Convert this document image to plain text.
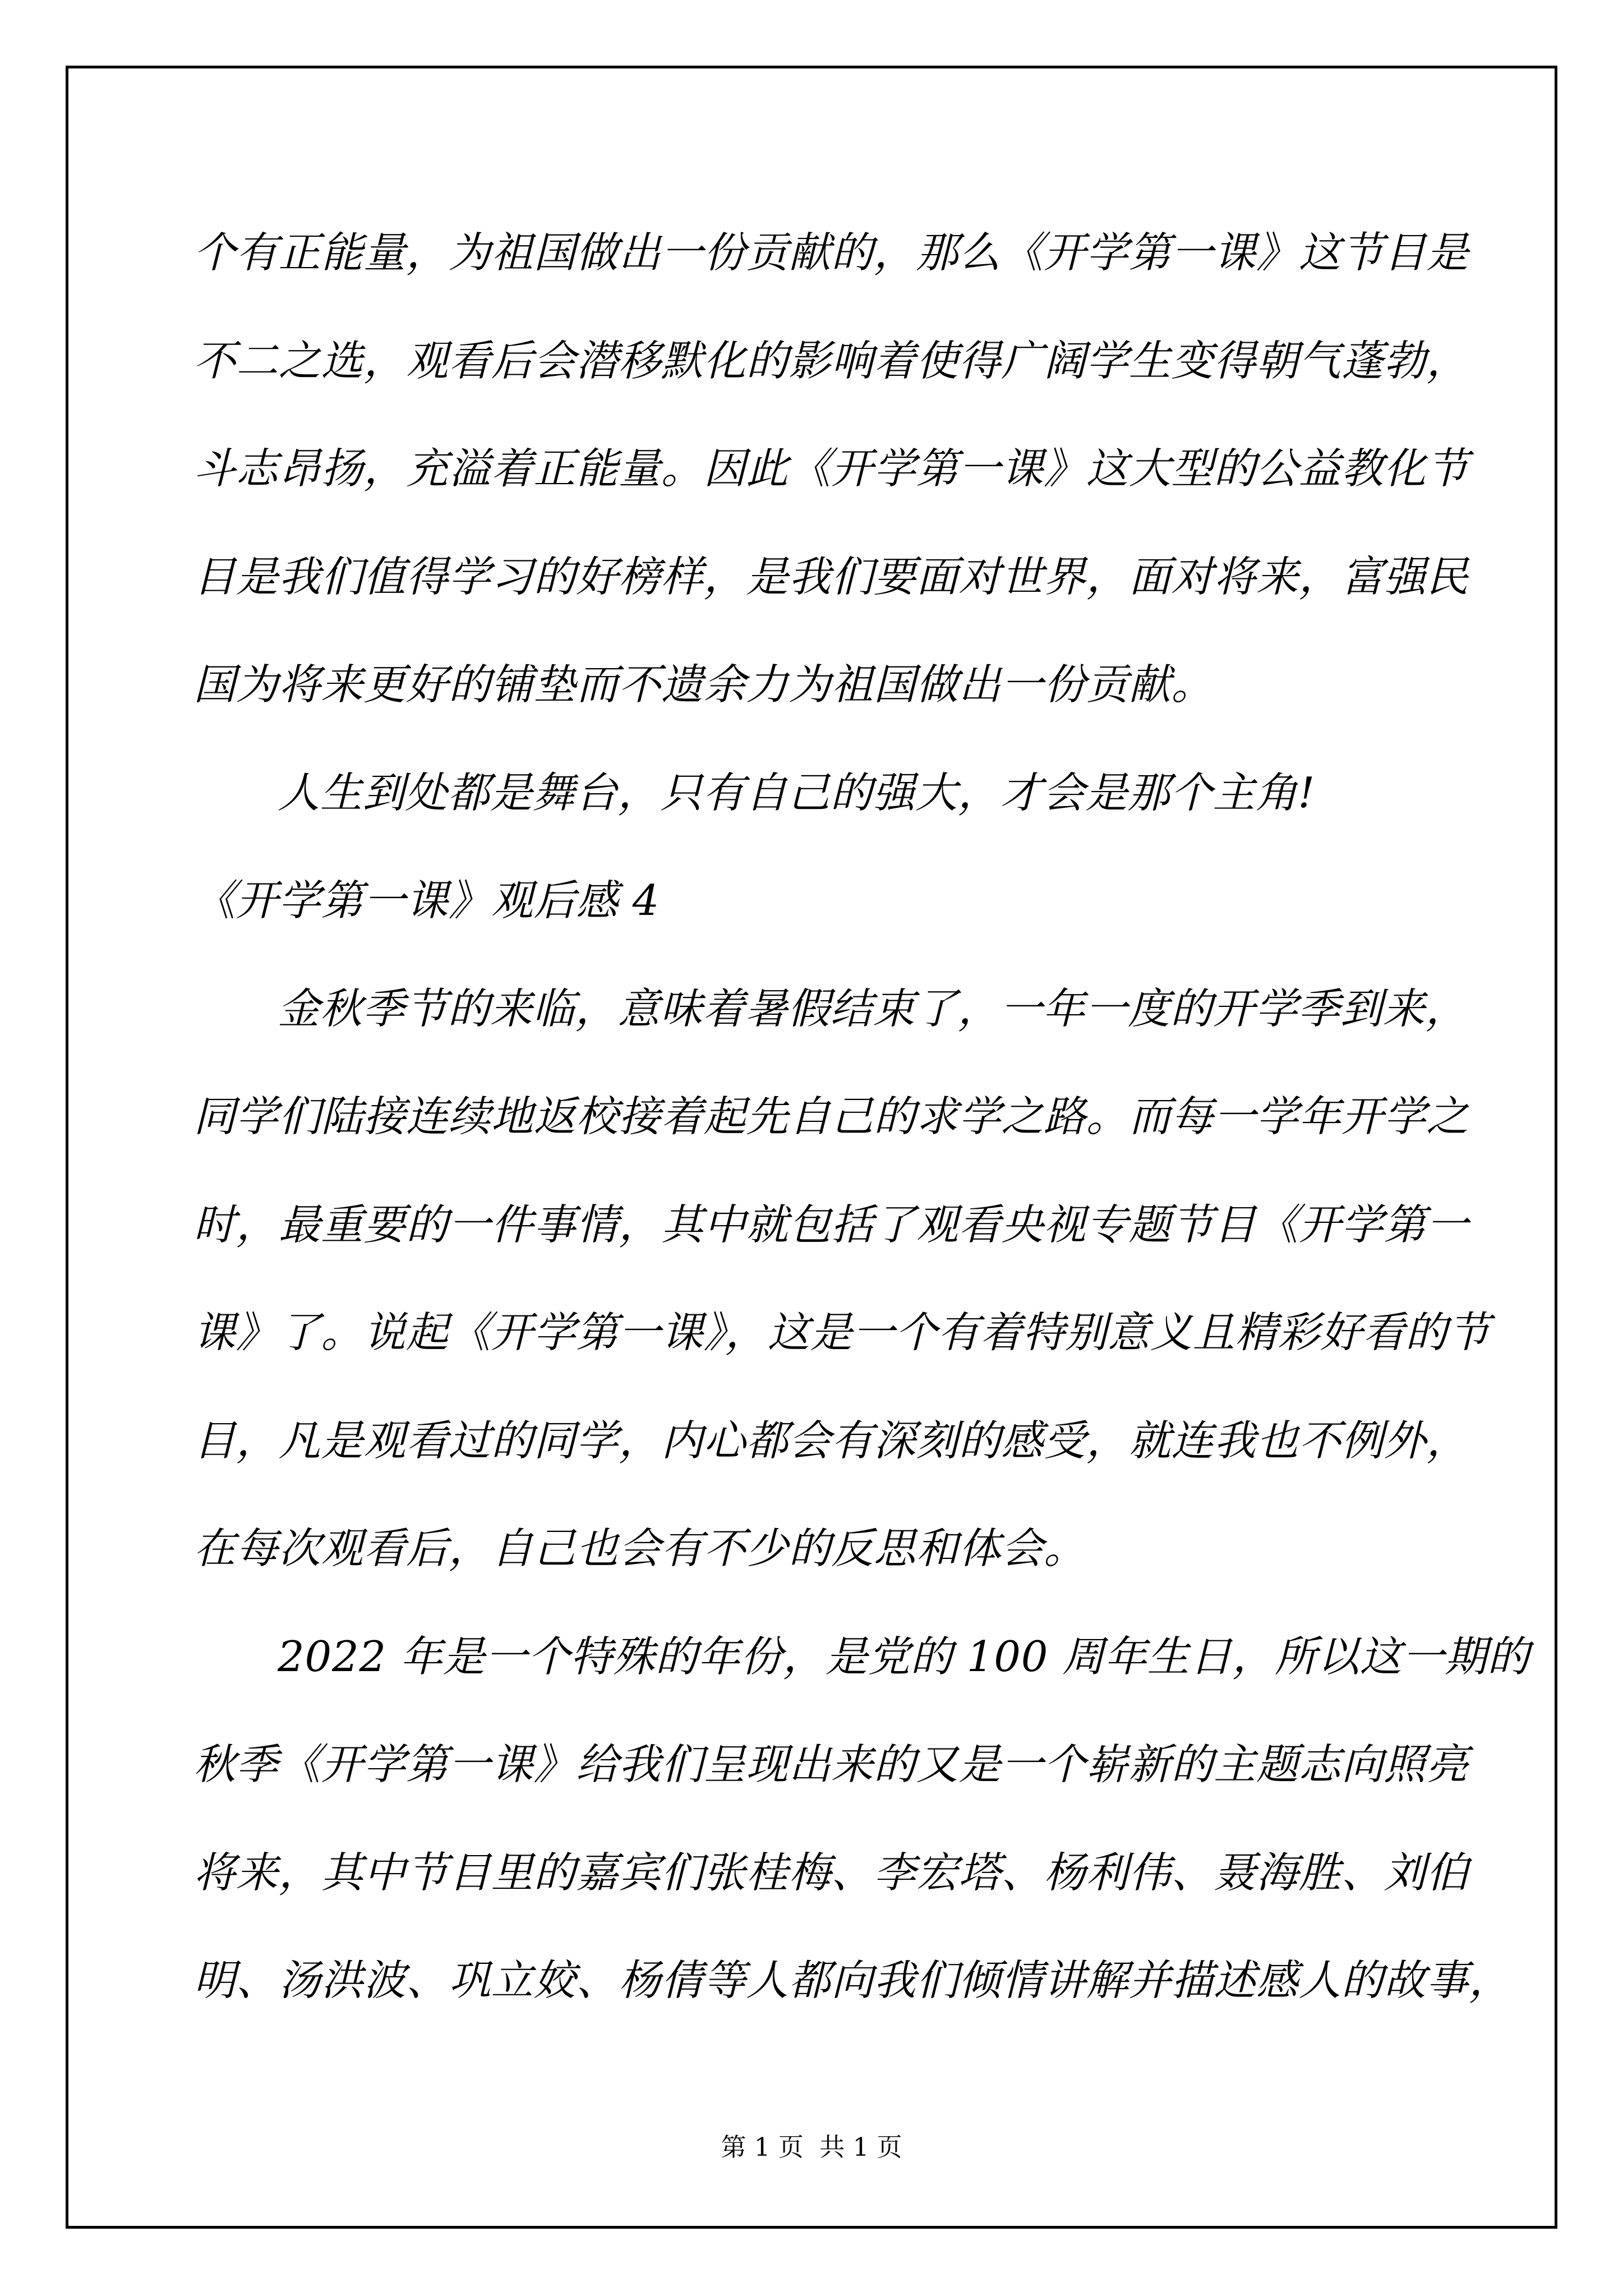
个有正能量，为祖国做出一份贡献的，那么《开学第一课》这节目是
不二之选，观看后会潜移默化的影响着使得广阔学生变得朝气蓬勃，
斗志昂扬，充溢着正能量。因此《开学第一课》这大型的公益教化节
目是我们值得学习的好榜样，是我们要面对世界，面对将来，富强民
国为将来更好的铺垫而不遗余力为祖国做出一份贡献。
人生到处都是舞台，只有自己的强大，才会是那个主角!
《开学第一课》观后感 4
金秋季节的来临，意味着暑假结束了，一年一度的开学季到来，
同学们陆接连续地返校接着起先自己的求学之路。而每一学年开学之
时，最重要的一件事情，其中就包括了观看央视专题节目《开学第一
课》了。说起《开学第一课》，这是一个有着特别意义且精彩好看的节
目，凡是观看过的同学，内心都会有深刻的感受，就连我也不例外，
在每次观看后，自己也会有不少的反思和体会。
2022 年是一个特殊的年份，是党的 100 周年生日，所以这一期的
秋季《开学第一课》给我们呈现出来的又是一个崭新的主题志向照亮
将来，其中节目里的嘉宾们张桂梅、李宏塔、杨利伟、聂海胜、刘伯
明、汤洪波、巩立姣、杨倩等人都向我们倾情讲解并描述感人的故事，
第 1 页  共 1 页
